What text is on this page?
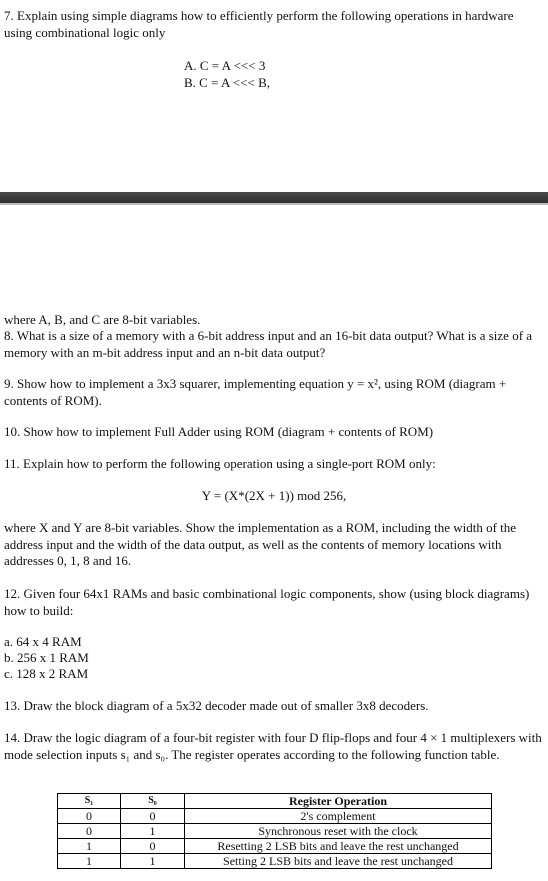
7. Explain using simple diagrams how to efficiently perform the following operations in hardware using combinational logic only

A. C = A <<< 3
B. C = A <<< B,

where A, B, and C are 8-bit variables.

8. What is a size of a memory with a 6-bit address input and an 16-bit data output? What is a size of a memory with an m-bit address input and an n-bit data output?

9. Show how to implement a 3x3 squarer, implementing equation y = x², using ROM (diagram + contents of ROM).

10. Show how to implement Full Adder using ROM (diagram + contents of ROM)

11. Explain how to perform the following operation using a single-port ROM only:

Y = (X*(2X + 1)) mod 256,

where X and Y are 8-bit variables. Show the implementation as a ROM, including the width of the address input and the width of the data output, as well as the contents of memory locations with addresses 0, 1, 8 and 16.

12. Given four 64x1 RAMs and basic combinational logic components, show (using block diagrams) how to build:

a. 64 x 4 RAM
b. 256 x 1 RAM
c. 128 x 2 RAM

13. Draw the block diagram of a 5x32 decoder made out of smaller 3x8 decoders.

14. Draw the logic diagram of a four-bit register with four D flip-flops and four 4 × 1 multiplexers with mode selection inputs s₁ and s₀. The register operates according to the following function table.

S₁	S₀	Register Operation
0	0	2's complement
0	1	Synchronous reset with the clock
1	0	Resetting 2 LSB bits and leave the rest unchanged
1	1	Setting 2 LSB bits and leave the rest unchanged
